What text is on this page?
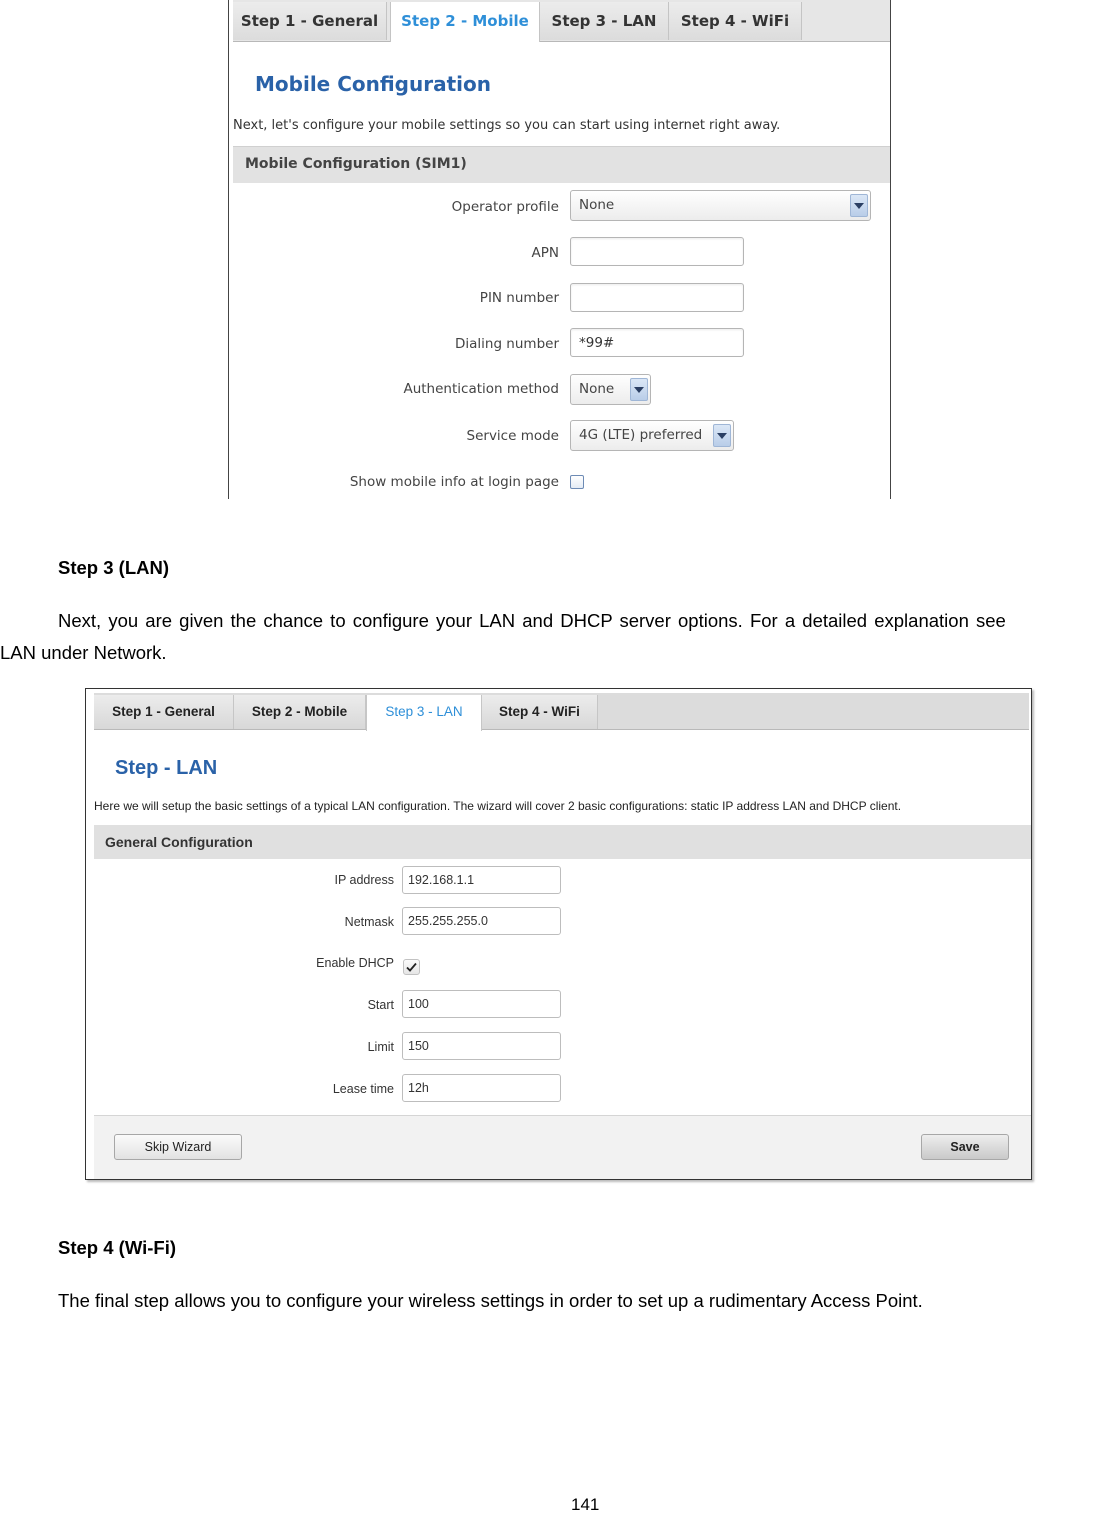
Step 1 - General	Step 2 - Mobile	Step 3 - LAN	Step 4 - WiFi
Mobile Configuration
Next, let's configure your mobile settings so you can start using internet right away.
Mobile Configuration (SIM1)
Operator profile	None
APN
PIN number
Dialing number	*99#
Authentication method	None
Service mode	4G (LTE) preferred
Show mobile info at login page
Step 3 (LAN)
Next, you are given the chance to configure your LAN and DHCP server options. For a detailed explanation see
LAN under Network.
Step 1 - General	Step 2 - Mobile	Step 3 - LAN	Step 4 - WiFi
Step - LAN
Here we will setup the basic settings of a typical LAN configuration. The wizard will cover 2 basic configurations: static IP address LAN and DHCP client.
General Configuration
IP address	192.168.1.1
Netmask	255.255.255.0
Enable DHCP
Start	100
Limit	150
Lease time	12h
Skip Wizard	Save
Step 4 (Wi-Fi)
The final step allows you to configure your wireless settings in order to set up a rudimentary Access Point.
141
